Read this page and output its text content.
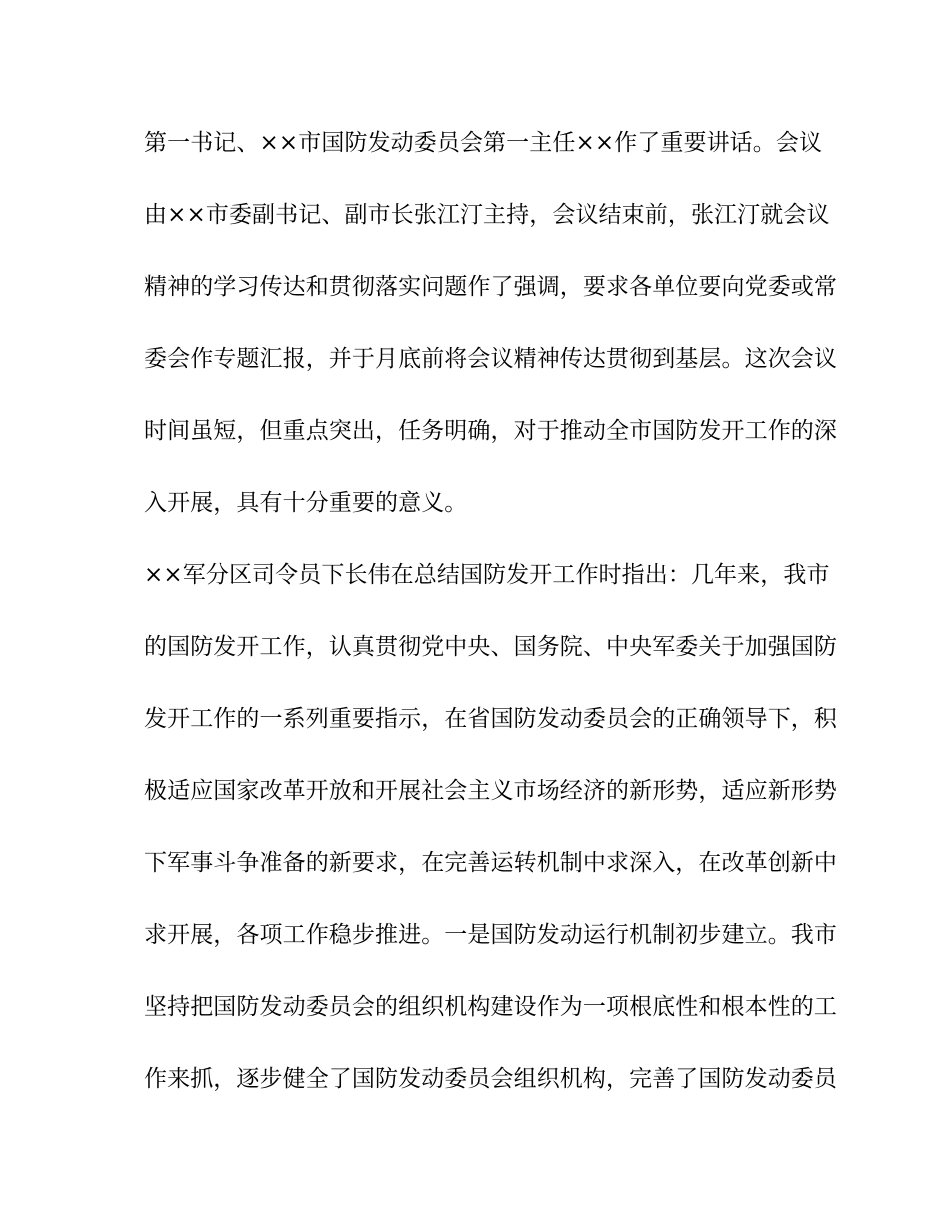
第一书记、××市国防发动委员会第一主任××作了重要讲话。会议
由××市委副书记、副市长张江汀主持，会议结束前，张江汀就会议
精神的学习传达和贯彻落实问题作了强调，要求各单位要向党委或常
委会作专题汇报，并于月底前将会议精神传达贯彻到基层。这次会议
时间虽短，但重点突出，任务明确，对于推动全市国防发开工作的深
入开展，具有十分重要的意义。
××军分区司令员下长伟在总结国防发开工作时指出：几年来，我市
的国防发开工作，认真贯彻党中央、国务院、中央军委关于加强国防
发开工作的一系列重要指示，在省国防发动委员会的正确领导下，积
极适应国家改革开放和开展社会主义市场经济的新形势，适应新形势
下军事斗争准备的新要求，在完善运转机制中求深入，在改革创新中
求开展，各项工作稳步推进。一是国防发动运行机制初步建立。我市
坚持把国防发动委员会的组织机构建设作为一项根底性和根本性的工
作来抓，逐步健全了国防发动委员会组织机构，完善了国防发动委员
